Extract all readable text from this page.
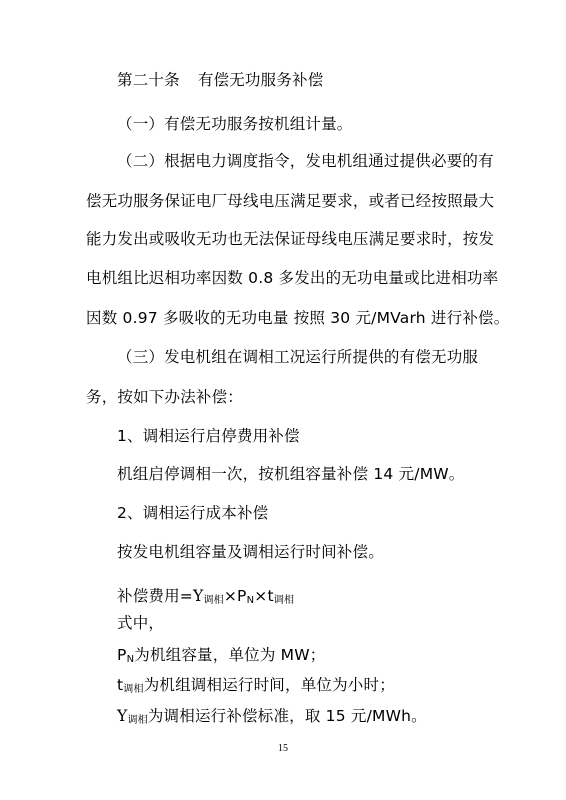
第二十条 有偿无功服务补偿
（一）有偿无功服务按机组计量。
（二）根据电力调度指令，发电机组通过提供必要的有
偿无功服务保证电厂母线电压满足要求，或者已经按照最大
能力发出或吸收无功也无法保证母线电压满足要求时，按发
电机组比迟相功率因数 0.8 多发出的无功电量或比进相功率
因数 0.97 多吸收的无功电量 按照 30 元/MVarh 进行补偿。
（三）发电机组在调相工况运行所提供的有偿无功服
务，按如下办法补偿：
1、调相运行启停费用补偿
机组启停调相一次，按机组容量补偿 14 元/MW。
2、调相运行成本补偿
按发电机组容量及调相运行时间补偿。
补偿费用$=Y_{调相}\times P_N\times t_{调相}$
式中，
$P_N$为机组容量，单位为 MW；
$t_{调相}$为机组调相运行时间，单位为小时；
$Y_{调相}$为调相运行补偿标准，取 15 元/MWh。
15
